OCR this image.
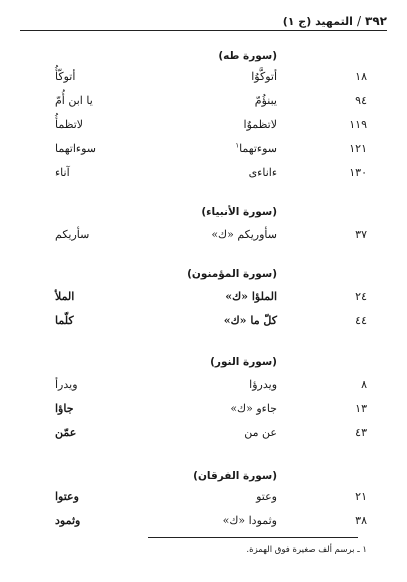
٣٩٢
/
التمهيد (ج ١)
(سورة طه)
١٨
أتوكَّوُا
أتوكّأُ
٩٤
يبنؤُمّ
يا ابن أُمّ
١١٩
لاتظموٌا
لاتظمأُ
١٢١
سوءتهما$^١$
سوءاتهما
١٣٠
ءاناءى
آناء
(سورة الأنبياء)
٣٧
سأوريكم «ك»
سأريكم
(سورة المؤمنون)
٢٤
الملؤا «ك»
الملأ
٤٤
كلّ ما «ك»
كلّما
(سورة النور)
٨
ويدرؤا
ويدرأ
١٣
جاءو «ك»
جاؤا
٤٣
عن من
عمّن
(سورة الفرقان)
٢١
وعتو
وعتوا
٣٨
وثمودا «ك»
وثمود
١ ـ برسم ألف صغيرة فوق الهمزة.
